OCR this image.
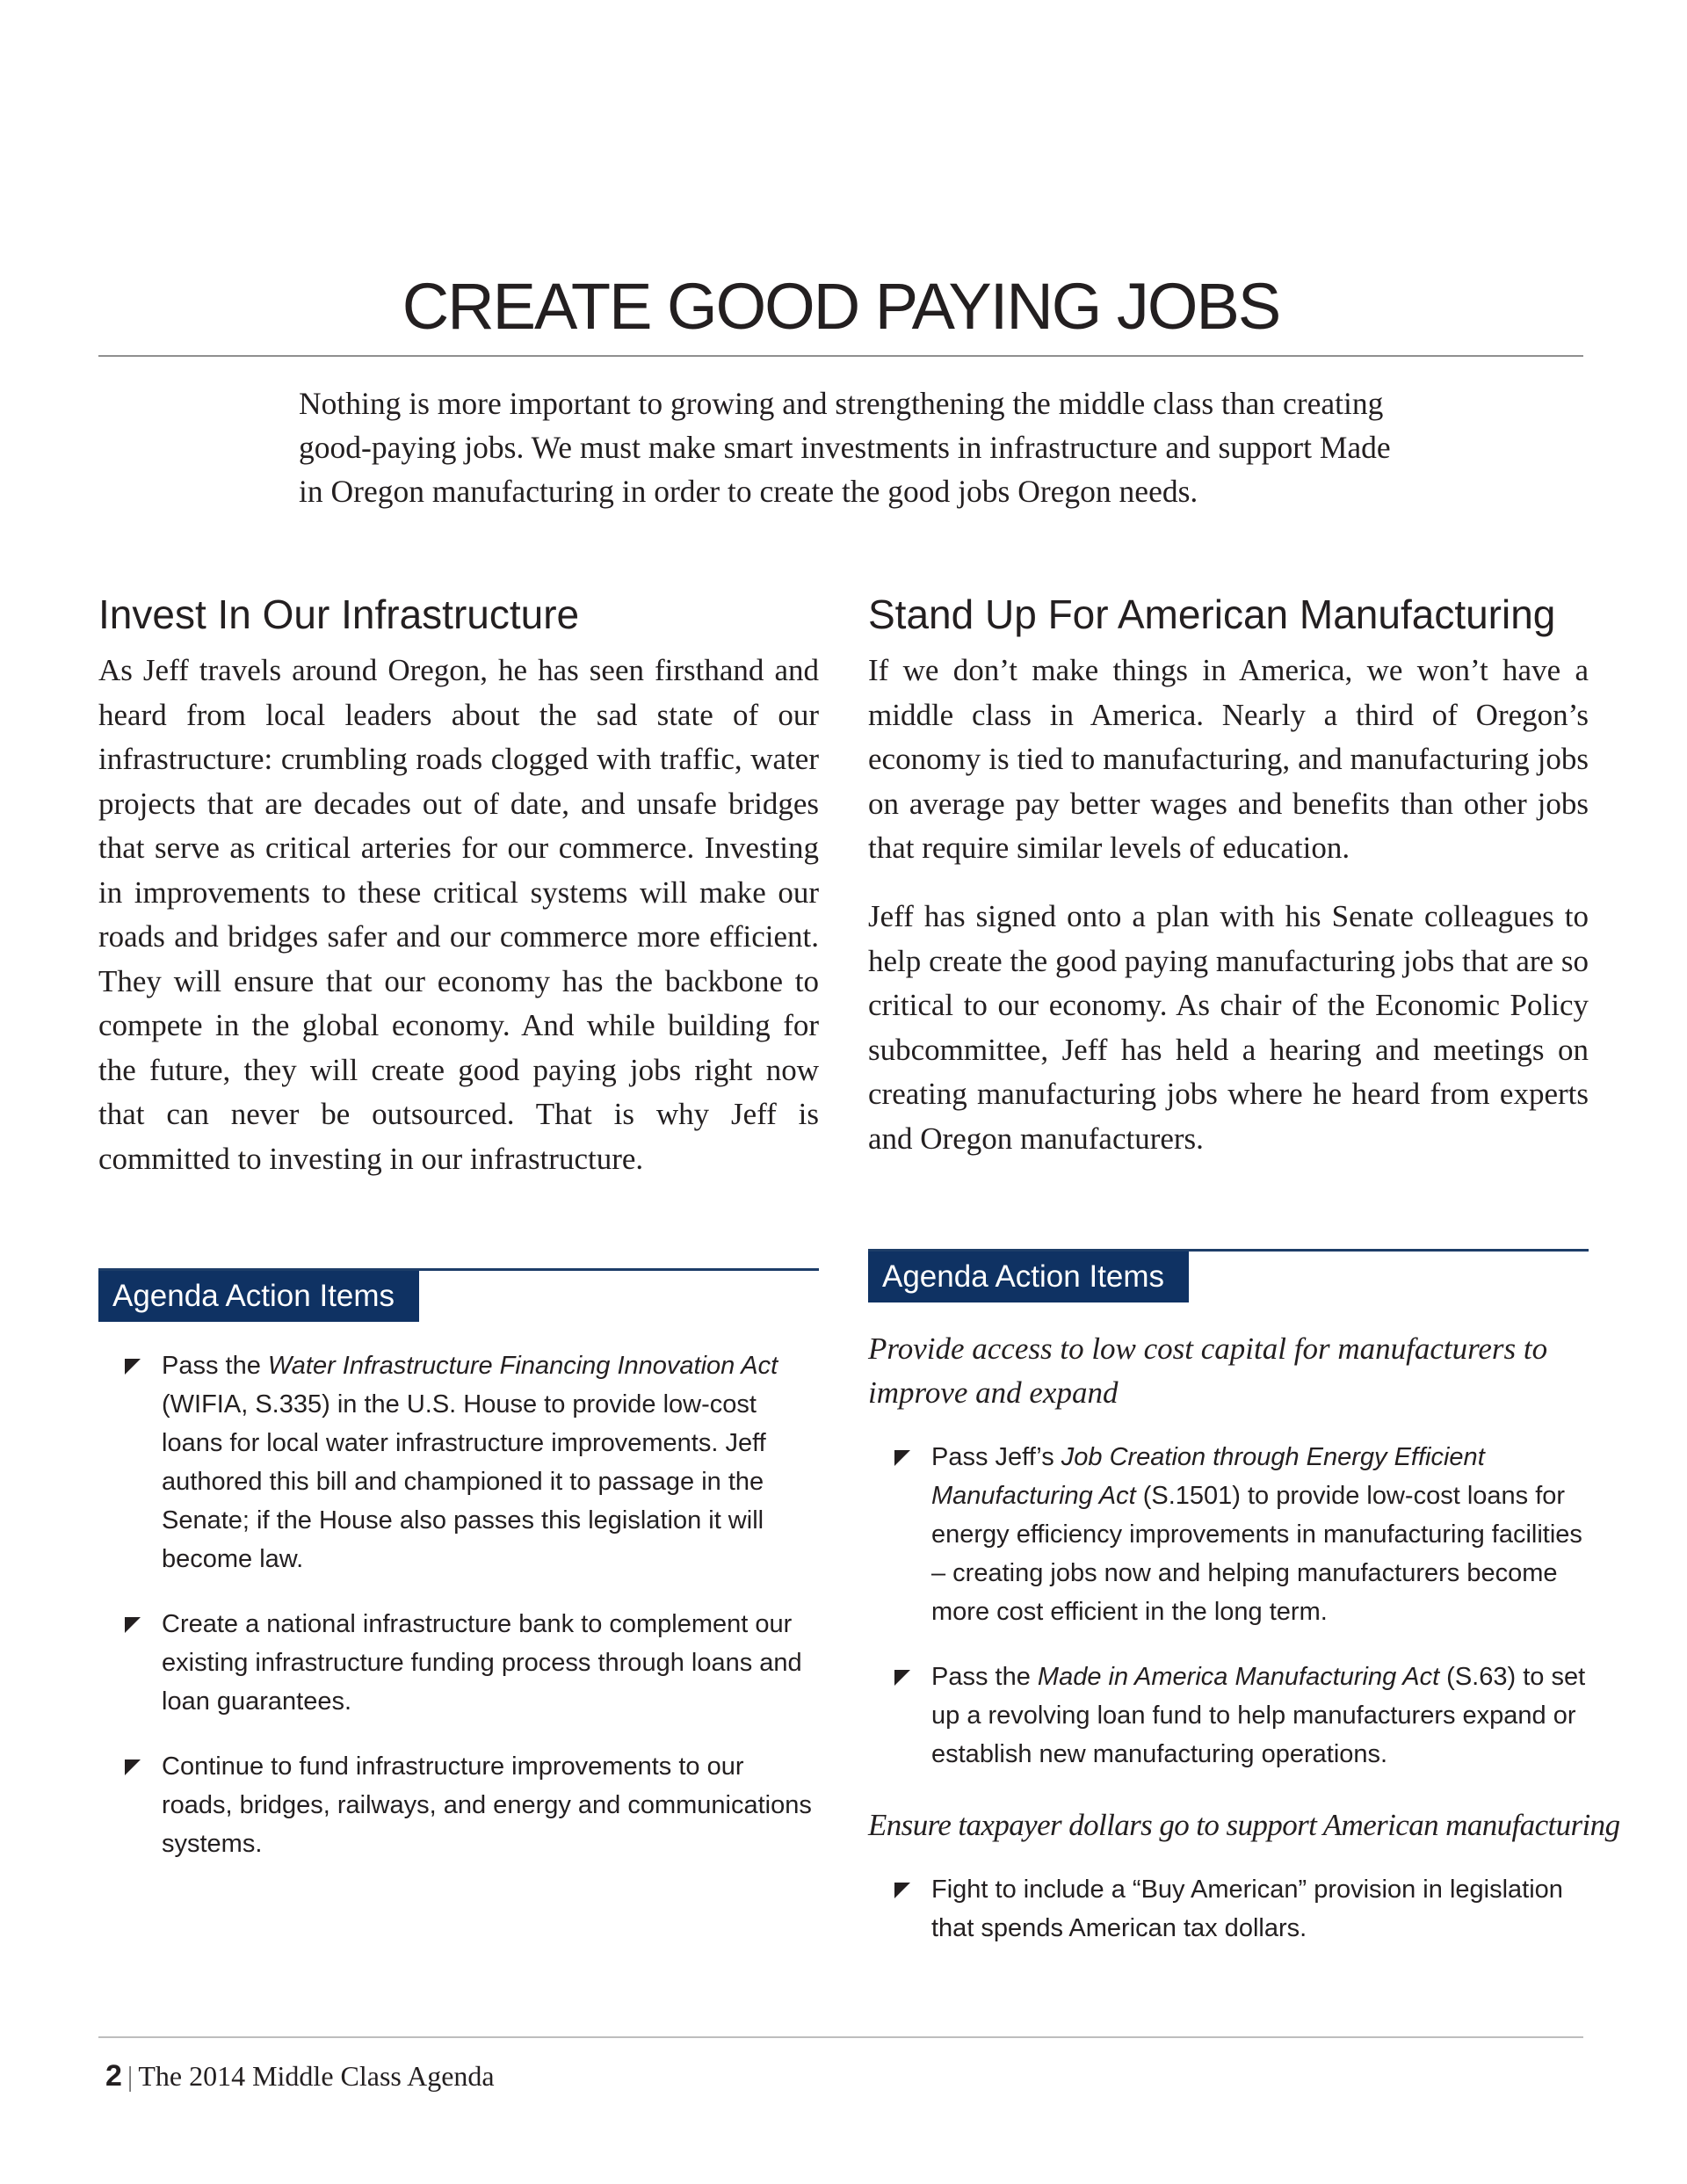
CREATE GOOD PAYING JOBS

Nothing is more important to growing and strengthening the middle class than creating good-paying jobs. We must make smart investments in infrastructure and support Made in Oregon manufacturing in order to create the good jobs Oregon needs.

Invest In Our Infrastructure

As Jeff travels around Oregon, he has seen firsthand and heard from local leaders about the sad state of our infrastructure: crumbling roads clogged with traffic, water projects that are decades out of date, and unsafe bridges that serve as critical arteries for our commerce. Investing in improvements to these critical systems will make our roads and bridges safer and our commerce more efficient. They will ensure that our economy has the backbone to compete in the global economy. And while building for the future, they will create good paying jobs right now that can never be outsourced. That is why Jeff is committed to investing in our infrastructure.

Agenda Action Items
Pass the Water Infrastructure Financing Innovation Act (WIFIA, S.335) in the U.S. House to provide low-cost loans for local water infrastructure improvements. Jeff authored this bill and championed it to passage in the Senate; if the House also passes this legislation it will become law.
Create a national infrastructure bank to complement our existing infrastructure funding process through loans and loan guarantees.
Continue to fund infrastructure improvements to our roads, bridges, railways, and energy and communications systems.
Stand Up For American Manufacturing

If we don’t make things in America, we won’t have a middle class in America. Nearly a third of Oregon’s economy is tied to manufacturing, and manufacturing jobs on average pay better wages and benefits than other jobs that require similar levels of education.

Jeff has signed onto a plan with his Senate colleagues to help create the good paying manufacturing jobs that are so critical to our economy. As chair of the Economic Policy subcommittee, Jeff has held a hearing and meetings on creating manufacturing jobs where he heard from experts and Oregon manufacturers.

Agenda Action Items

Provide access to low cost capital for manufacturers to improve and expand

Pass Jeff’s Job Creation through Energy Efficient Manufacturing Act (S.1501) to provide low-cost loans for energy efficiency improvements in manufacturing facilities – creating jobs now and helping manufacturers become more cost efficient in the long term.
Pass the Made in America Manufacturing Act (S.63) to set up a revolving loan fund to help manufacturers expand or establish new manufacturing operations.

Ensure taxpayer dollars go to support American manufacturing

Fight to include a “Buy American” provision in legislation that spends American tax dollars.
2 | The 2014 Middle Class Agenda
